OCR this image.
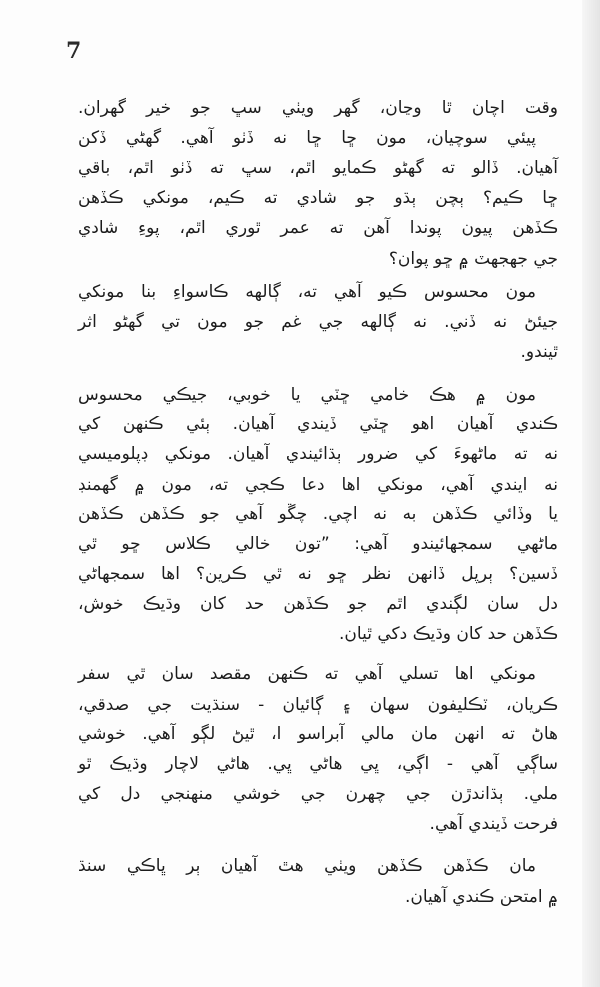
7
وقت اچان ٿا وڃان، گهر ويٺي سڀ جو خير گهران.
پيئي سوچيان، مون ڇا ڇا نه ڏٺو آهي. گهڻي ڏکن
آهيان. ڏالو ته گهڻو ڪمايو اٿم، سڀ ته ڏٺو اٿم، باقي
ڇا ڪيم؟ ٻچن ٻڌو جو شادي ته ڪيم، مونکي ڪڏهن
ڪڏهن پيون پوندا آهن ته عمر ٿوري اٿم، پوءِ شادي
جي جهجهٽ ۾ ڇو پوان؟
مون محسوس ڪيو آهي ته، ڳالهه ڪاسواءِ بنا مونکي
جيئڻ نه ڏني. نه ڳالهه جي غم جو مون تي گهڻو اثر
ٿيندو.
مون ۾ هڪ خامي ڇٽي يا خوبي، جيڪي محسوس
ڪندي آهيان اهو ڇٽي ڏيندي آهيان. ٻئي ڪنهن کي
نه ته ماڻهوءَ کي ضرور ٻڌائيندي آهيان. مونکي ڊپلوميسي
نه ايندي آهي، مونکي اها دعا ڪجي ته، مون ۾ گهمنڊ
يا وڏائي ڪڏهن به نه اچي. چڱو آهي جو ڪڏهن ڪڏهن
ماڻهي سمجهائيندو آهي: ”تون خالي ڪلاس ڇو ٿي
ڏسين؟ ٻرپل ڏانهن نظر ڇو نه ٿي ڪرين؟ اها سمجهاڻي
دل سان لڳندي اٿم جو ڪڏهن حد کان وڌيڪ خوش،
ڪڏهن حد کان وڌيڪ دکي ٿيان.
مونکي اها تسلي آهي ته ڪنهن مقصد سان ٿي سفر
ڪريان، ٽڪليفون سهان ۽ ڳائيان - سنڌيت جي صدقي،
هاڻ ته انهن مان مالي آبراسو ا، ٿيڻ لڳو آهي. خوشي
ساڳي آهي - اڳي، ڀي هاڻي ڀي. هاڻي لاچار وڌيڪ ٿو
ملي. ٻڌاندڙن جي چهرن جي خوشي منهنجي دل کي
فرحت ڏيندي آهي.
مان ڪڏهن ڪڏهن ويٺي هٿ آهيان ٻر ڀاڪي سنڌ
۾ امتحن ڪندي آهيان.
